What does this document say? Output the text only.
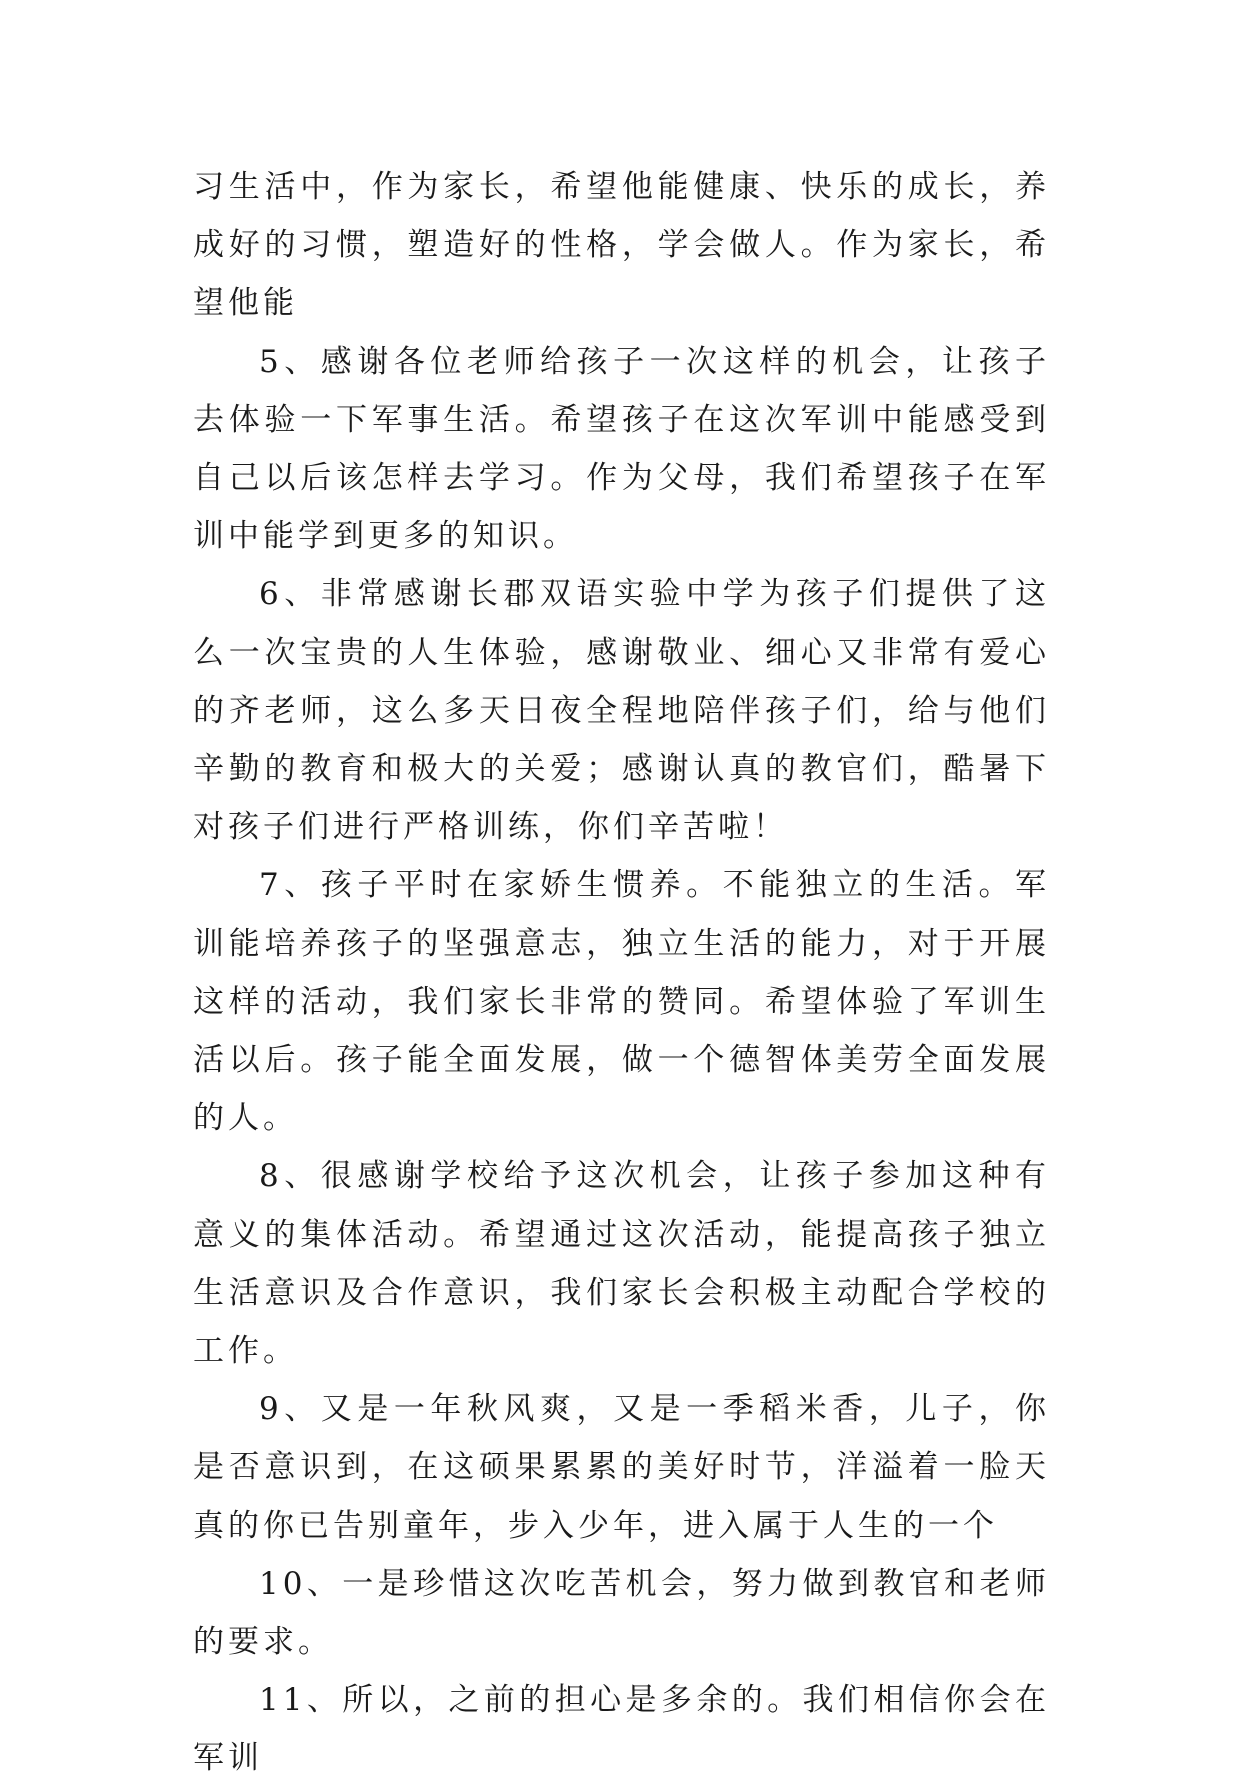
习生活中，作为家长，希望他能健康、快乐的成长，养成好的习惯，塑造好的性格，学会做人。作为家长，希望他能

5、感谢各位老师给孩子一次这样的机会，让孩子去体验一下军事生活。希望孩子在这次军训中能感受到自己以后该怎样去学习。作为父母，我们希望孩子在军训中能学到更多的知识。

6、非常感谢长郡双语实验中学为孩子们提供了这么一次宝贵的人生体验，感谢敬业、细心又非常有爱心的齐老师，这么多天日夜全程地陪伴孩子们，给与他们辛勤的教育和极大的关爱；感谢认真的教官们，酷暑下对孩子们进行严格训练，你们辛苦啦！

7、孩子平时在家娇生惯养。不能独立的生活。军训能培养孩子的坚强意志，独立生活的能力，对于开展这样的活动，我们家长非常的赞同。希望体验了军训生活以后。孩子能全面发展，做一个德智体美劳全面发展的人。

8、很感谢学校给予这次机会，让孩子参加这种有意义的集体活动。希望通过这次活动，能提高孩子独立生活意识及合作意识，我们家长会积极主动配合学校的工作。

9、又是一年秋风爽，又是一季稻米香，儿子，你是否意识到，在这硕果累累的美好时节，洋溢着一脸天真的你已告别童年，步入少年，进入属于人生的一个

10、一是珍惜这次吃苦机会，努力做到教官和老师的要求。

11、所以，之前的担心是多余的。我们相信你会在军训
